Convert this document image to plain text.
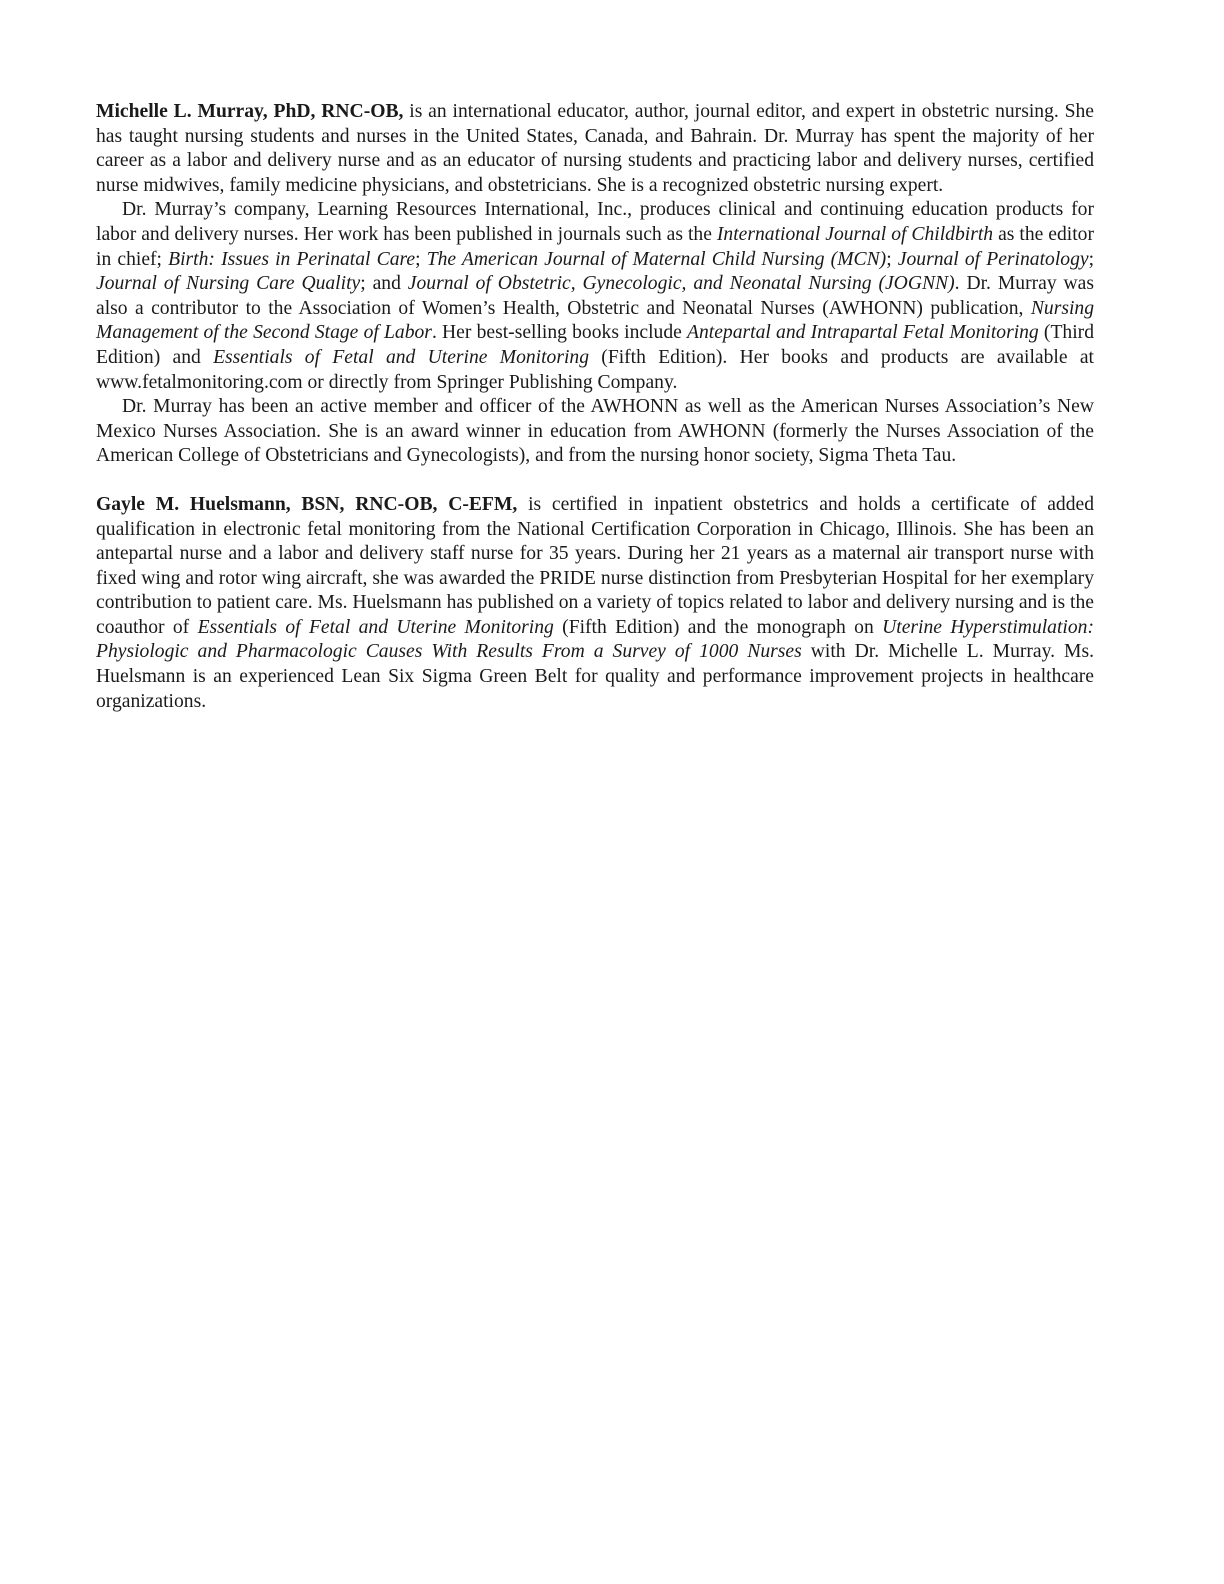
Michelle L. Murray, PhD, RNC-OB, is an international educator, author, journal editor, and expert in obstetric nursing. She has taught nursing students and nurses in the United States, Canada, and Bahrain. Dr. Murray has spent the majority of her career as a labor and delivery nurse and as an educator of nursing students and practicing labor and delivery nurses, certified nurse midwives, family medicine physicians, and obstetricians. She is a recognized obstetric nursing expert.

Dr. Murray’s company, Learning Resources International, Inc., produces clinical and continuing education products for labor and delivery nurses. Her work has been published in journals such as the International Journal of Childbirth as the editor in chief; Birth: Issues in Perinatal Care; The American Journal of Maternal Child Nursing (MCN); Journal of Perinatology; Journal of Nursing Care Quality; and Journal of Obstetric, Gynecologic, and Neonatal Nursing (JOGNN). Dr. Murray was also a contributor to the Association of Women’s Health, Obstetric and Neonatal Nurses (AWHONN) publication, Nursing Management of the Second Stage of Labor. Her best-selling books include Antepartal and Intrapartal Fetal Monitoring (Third Edition) and Essentials of Fetal and Uterine Monitoring (Fifth Edition). Her books and products are available at www.fetalmonitoring.com or directly from Springer Publishing Company.

Dr. Murray has been an active member and officer of the AWHONN as well as the American Nurses Association’s New Mexico Nurses Association. She is an award winner in education from AWHONN (formerly the Nurses Association of the American College of Obstetricians and Gynecologists), and from the nursing honor society, Sigma Theta Tau.

Gayle M. Huelsmann, BSN, RNC-OB, C-EFM, is certified in inpatient obstetrics and holds a certificate of added qualification in electronic fetal monitoring from the National Certification Corporation in Chicago, Illinois. She has been an antepartal nurse and a labor and delivery staff nurse for 35 years. During her 21 years as a maternal air transport nurse with fixed wing and rotor wing aircraft, she was awarded the PRIDE nurse distinction from Presbyterian Hospital for her exemplary contribution to patient care. Ms. Huelsmann has published on a variety of topics related to labor and delivery nursing and is the coauthor of Essentials of Fetal and Uterine Monitoring (Fifth Edition) and the monograph on Uterine Hyperstimulation: Physiologic and Pharmacologic Causes With Results From a Survey of 1000 Nurses with Dr. Michelle L. Murray. Ms. Huelsmann is an experienced Lean Six Sigma Green Belt for quality and performance improvement projects in healthcare organizations.
